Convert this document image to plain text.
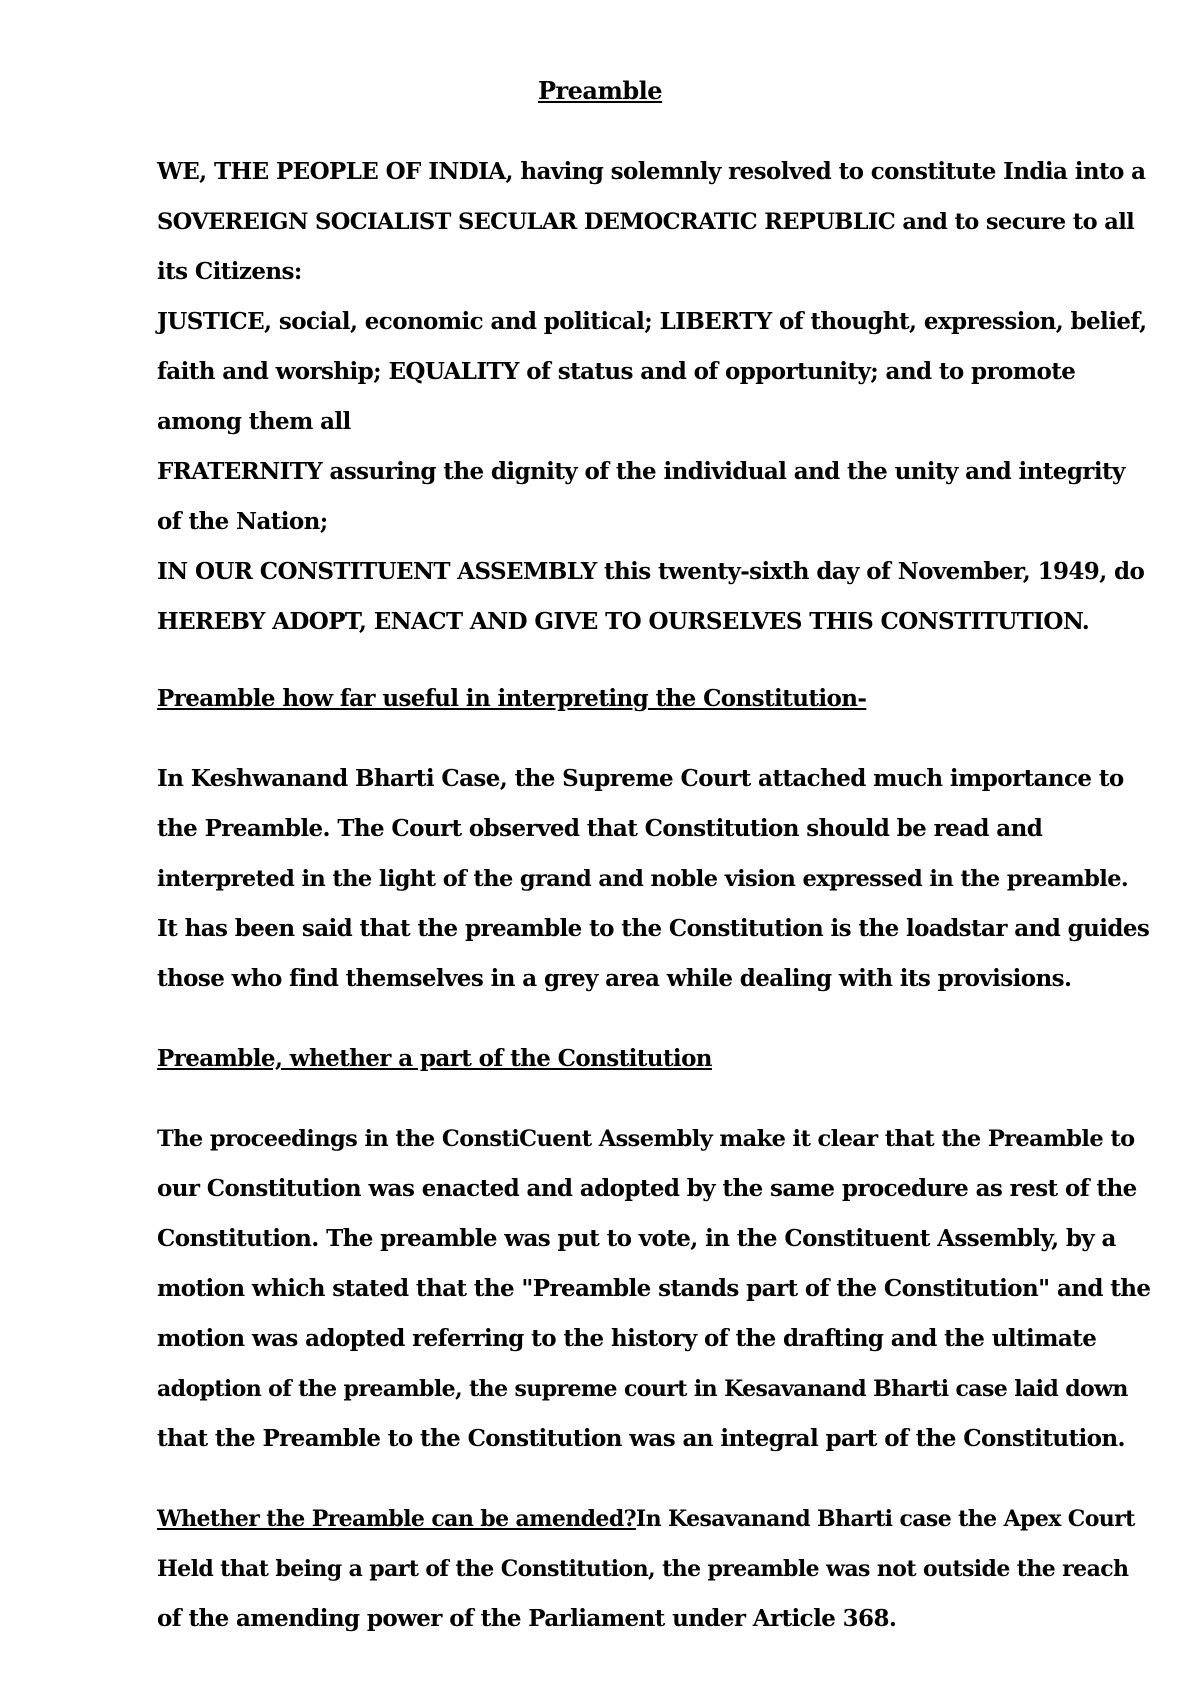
Preamble
WE, THE PEOPLE OF INDIA, having solemnly resolved to constitute India into a
SOVEREIGN SOCIALIST SECULAR DEMOCRATIC REPUBLIC and to secure to all
its Citizens:
JUSTICE, social, economic and political; LIBERTY of thought, expression, belief,
faith and worship; EQUALITY of status and of opportunity; and to promote
among them all
FRATERNITY assuring the dignity of the individual and the unity and integrity
of the Nation;
IN OUR CONSTITUENT ASSEMBLY this twenty-sixth day of November, 1949, do
HEREBY ADOPT, ENACT AND GIVE TO OURSELVES THIS CONSTITUTION.
Preamble how far useful in interpreting the Constitution-
In Keshwanand Bharti Case, the Supreme Court attached much importance to
the Preamble. The Court observed that Constitution should be read and
interpreted in the light of the grand and noble vision expressed in the preamble.
It has been said that the preamble to the Constitution is the loadstar and guides
those who find themselves in a grey area while dealing with its provisions.
Preamble, whether a part of the Constitution
The proceedings in the ConstiCuent Assembly make it clear that the Preamble to
our Constitution was enacted and adopted by the same procedure as rest of the
Constitution. The preamble was put to vote, in the Constituent Assembly, by a
motion which stated that the "Preamble stands part of the Constitution" and the
motion was adopted referring to the history of the drafting and the ultimate
adoption of the preamble, the supreme court in Kesavanand Bharti case laid down
that the Preamble to the Constitution was an integral part of the Constitution.
Whether the Preamble can be amended?In Kesavanand Bharti case the Apex Court
Held that being a part of the Constitution, the preamble was not outside the reach
of the amending power of the Parliament under Article 368.
